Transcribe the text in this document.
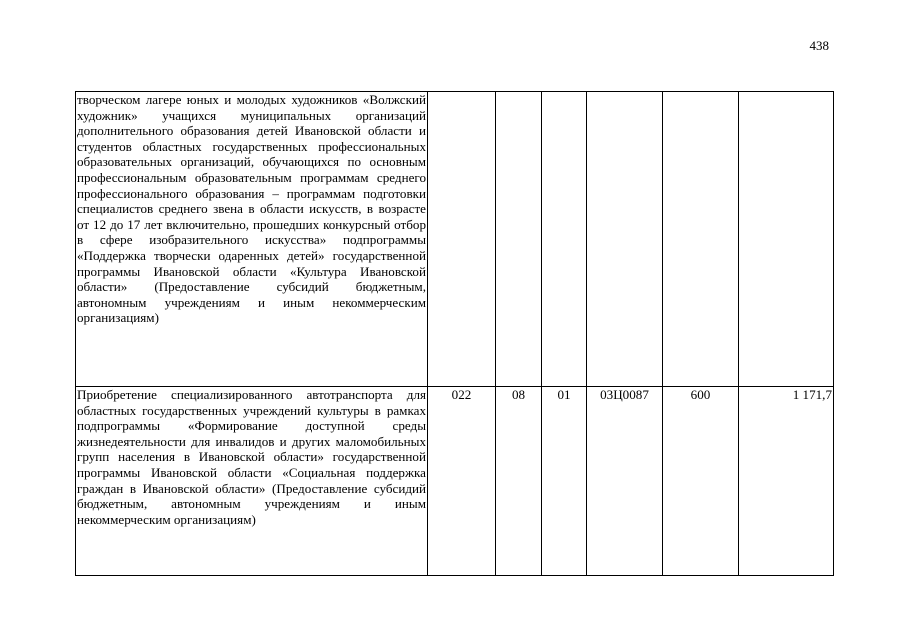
438
творческом лагере юных и молодых художников «Волжский художник» учащихся муниципальных организаций дополнительного образования детей Ивановской области и студентов областных государственных профессиональных образовательных организаций, обучающихся по основным профессиональным образовательным программам среднего профессионального образования – программам подготовки специалистов среднего звена в области искусств, в возрасте от 12 до 17 лет включительно, прошедших конкурсный отбор в сфере изобразительного искусства» подпрограммы «Поддержка творчески одаренных детей» государственной программы Ивановской области «Культура Ивановской области» (Предоставление субсидий бюджетным, автономным учреждениям и иным некоммерческим организациям)						
Приобретение специализированного автотранспорта для областных государственных учреждений культуры в рамках подпрограммы «Формирование доступной среды жизнедеятельности для инвалидов и других маломобильных групп населения в Ивановской области» государственной программы Ивановской области «Социальная поддержка граждан в Ивановской области» (Предоставление субсидий бюджетным, автономным учреждениям и иным некоммерческим организациям)	022	08	01	03Ц0087	600	1 171,7
